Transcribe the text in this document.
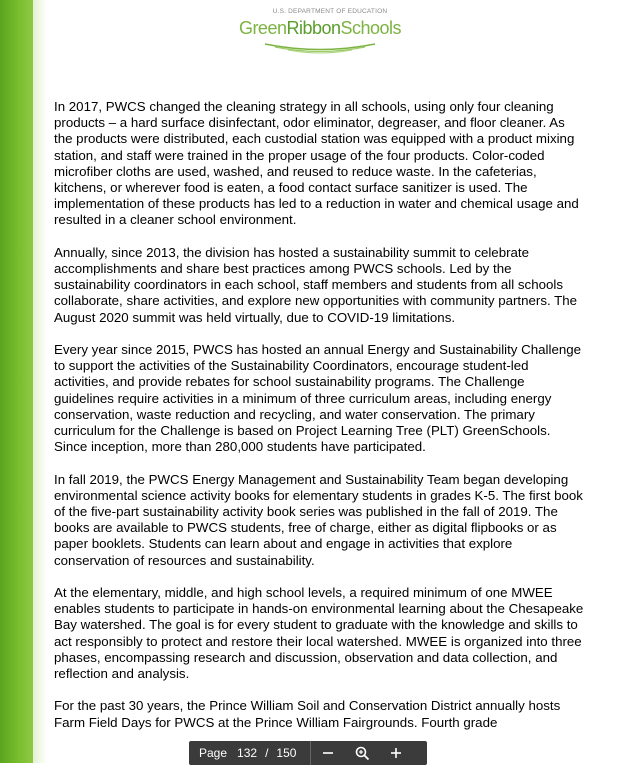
U.S. DEPARTMENT OF EDUCATION
GreenRibbonSchools

In 2017, PWCS changed the cleaning strategy in all schools, using only four cleaning products – a hard surface disinfectant, odor eliminator, degreaser, and floor cleaner. As the products were distributed, each custodial station was equipped with a product mixing station, and staff were trained in the proper usage of the four products. Color-coded microfiber cloths are used, washed, and reused to reduce waste. In the cafeterias, kitchens, or wherever food is eaten, a food contact surface sanitizer is used. The implementation of these products has led to a reduction in water and chemical usage and resulted in a cleaner school environment.

Annually, since 2013, the division has hosted a sustainability summit to celebrate accomplishments and share best practices among PWCS schools. Led by the sustainability coordinators in each school, staff members and students from all schools collaborate, share activities, and explore new opportunities with community partners. The August 2020 summit was held virtually, due to COVID-19 limitations.

Every year since 2015, PWCS has hosted an annual Energy and Sustainability Challenge to support the activities of the Sustainability Coordinators, encourage student-led activities, and provide rebates for school sustainability programs. The Challenge guidelines require activities in a minimum of three curriculum areas, including energy conservation, waste reduction and recycling, and water conservation. The primary curriculum for the Challenge is based on Project Learning Tree (PLT) GreenSchools. Since inception, more than 280,000 students have participated.

In fall 2019, the PWCS Energy Management and Sustainability Team began developing environmental science activity books for elementary students in grades K-5. The first book of the five-part sustainability activity book series was published in the fall of 2019. The books are available to PWCS students, free of charge, either as digital flipbooks or as paper booklets. Students can learn about and engage in activities that explore conservation of resources and sustainability.

At the elementary, middle, and high school levels, a required minimum of one MWEE enables students to participate in hands-on environmental learning about the Chesapeake Bay watershed. The goal is for every student to graduate with the knowledge and skills to act responsibly to protect and restore their local watershed. MWEE is organized into three phases, encompassing research and discussion, observation and data collection, and reflection and analysis.

For the past 30 years, the Prince William Soil and Conservation District annually hosts Farm Field Days for PWCS at the Prince William Fairgrounds. Fourth grade

Page 132 / 150
